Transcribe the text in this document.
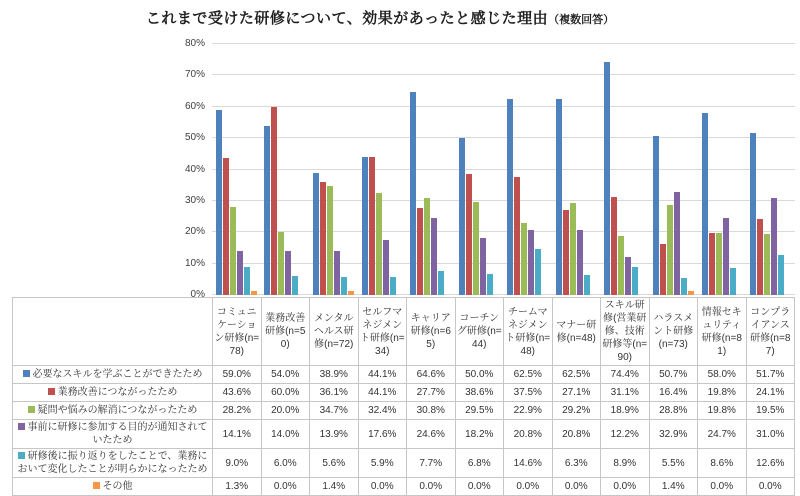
これまで受けた研修について、効果があったと感じた理由（複数回答）
0%
10%
20%
30%
40%
50%
60%
70%
80%
	コミュニケーション研修(n=78)	業務改善研修(n=50)	メンタルヘルス研修(n=72)	セルフマネジメント研修(n=34)	キャリア研修(n=65)	コーチング研修(n=44)	チームマネジメント研修(n=48)	マナー研修(n=48)	スキル研修(営業研修、技術研修等(n=90)	ハラスメント研修(n=73)	情報セキュリティ研修(n=81)	コンプライアンス研修(n=87)
必要なスキルを学ぶことができたため	59.0%	54.0%	38.9%	44.1%	64.6%	50.0%	62.5%	62.5%	74.4%	50.7%	58.0%	51.7%
業務改善につながったため	43.6%	60.0%	36.1%	44.1%	27.7%	38.6%	37.5%	27.1%	31.1%	16.4%	19.8%	24.1%
疑問や悩みの解消につながったため	28.2%	20.0%	34.7%	32.4%	30.8%	29.5%	22.9%	29.2%	18.9%	28.8%	19.8%	19.5%
事前に研修に参加する目的が通知されていたため	14.1%	14.0%	13.9%	17.6%	24.6%	18.2%	20.8%	20.8%	12.2%	32.9%	24.7%	31.0%
研修後に振り返りをしたことで、業務において変化したことが明らかになったため	9.0%	6.0%	5.6%	5.9%	7.7%	6.8%	14.6%	6.3%	8.9%	5.5%	8.6%	12.6%
その他	1.3%	0.0%	1.4%	0.0%	0.0%	0.0%	0.0%	0.0%	0.0%	1.4%	0.0%	0.0%
